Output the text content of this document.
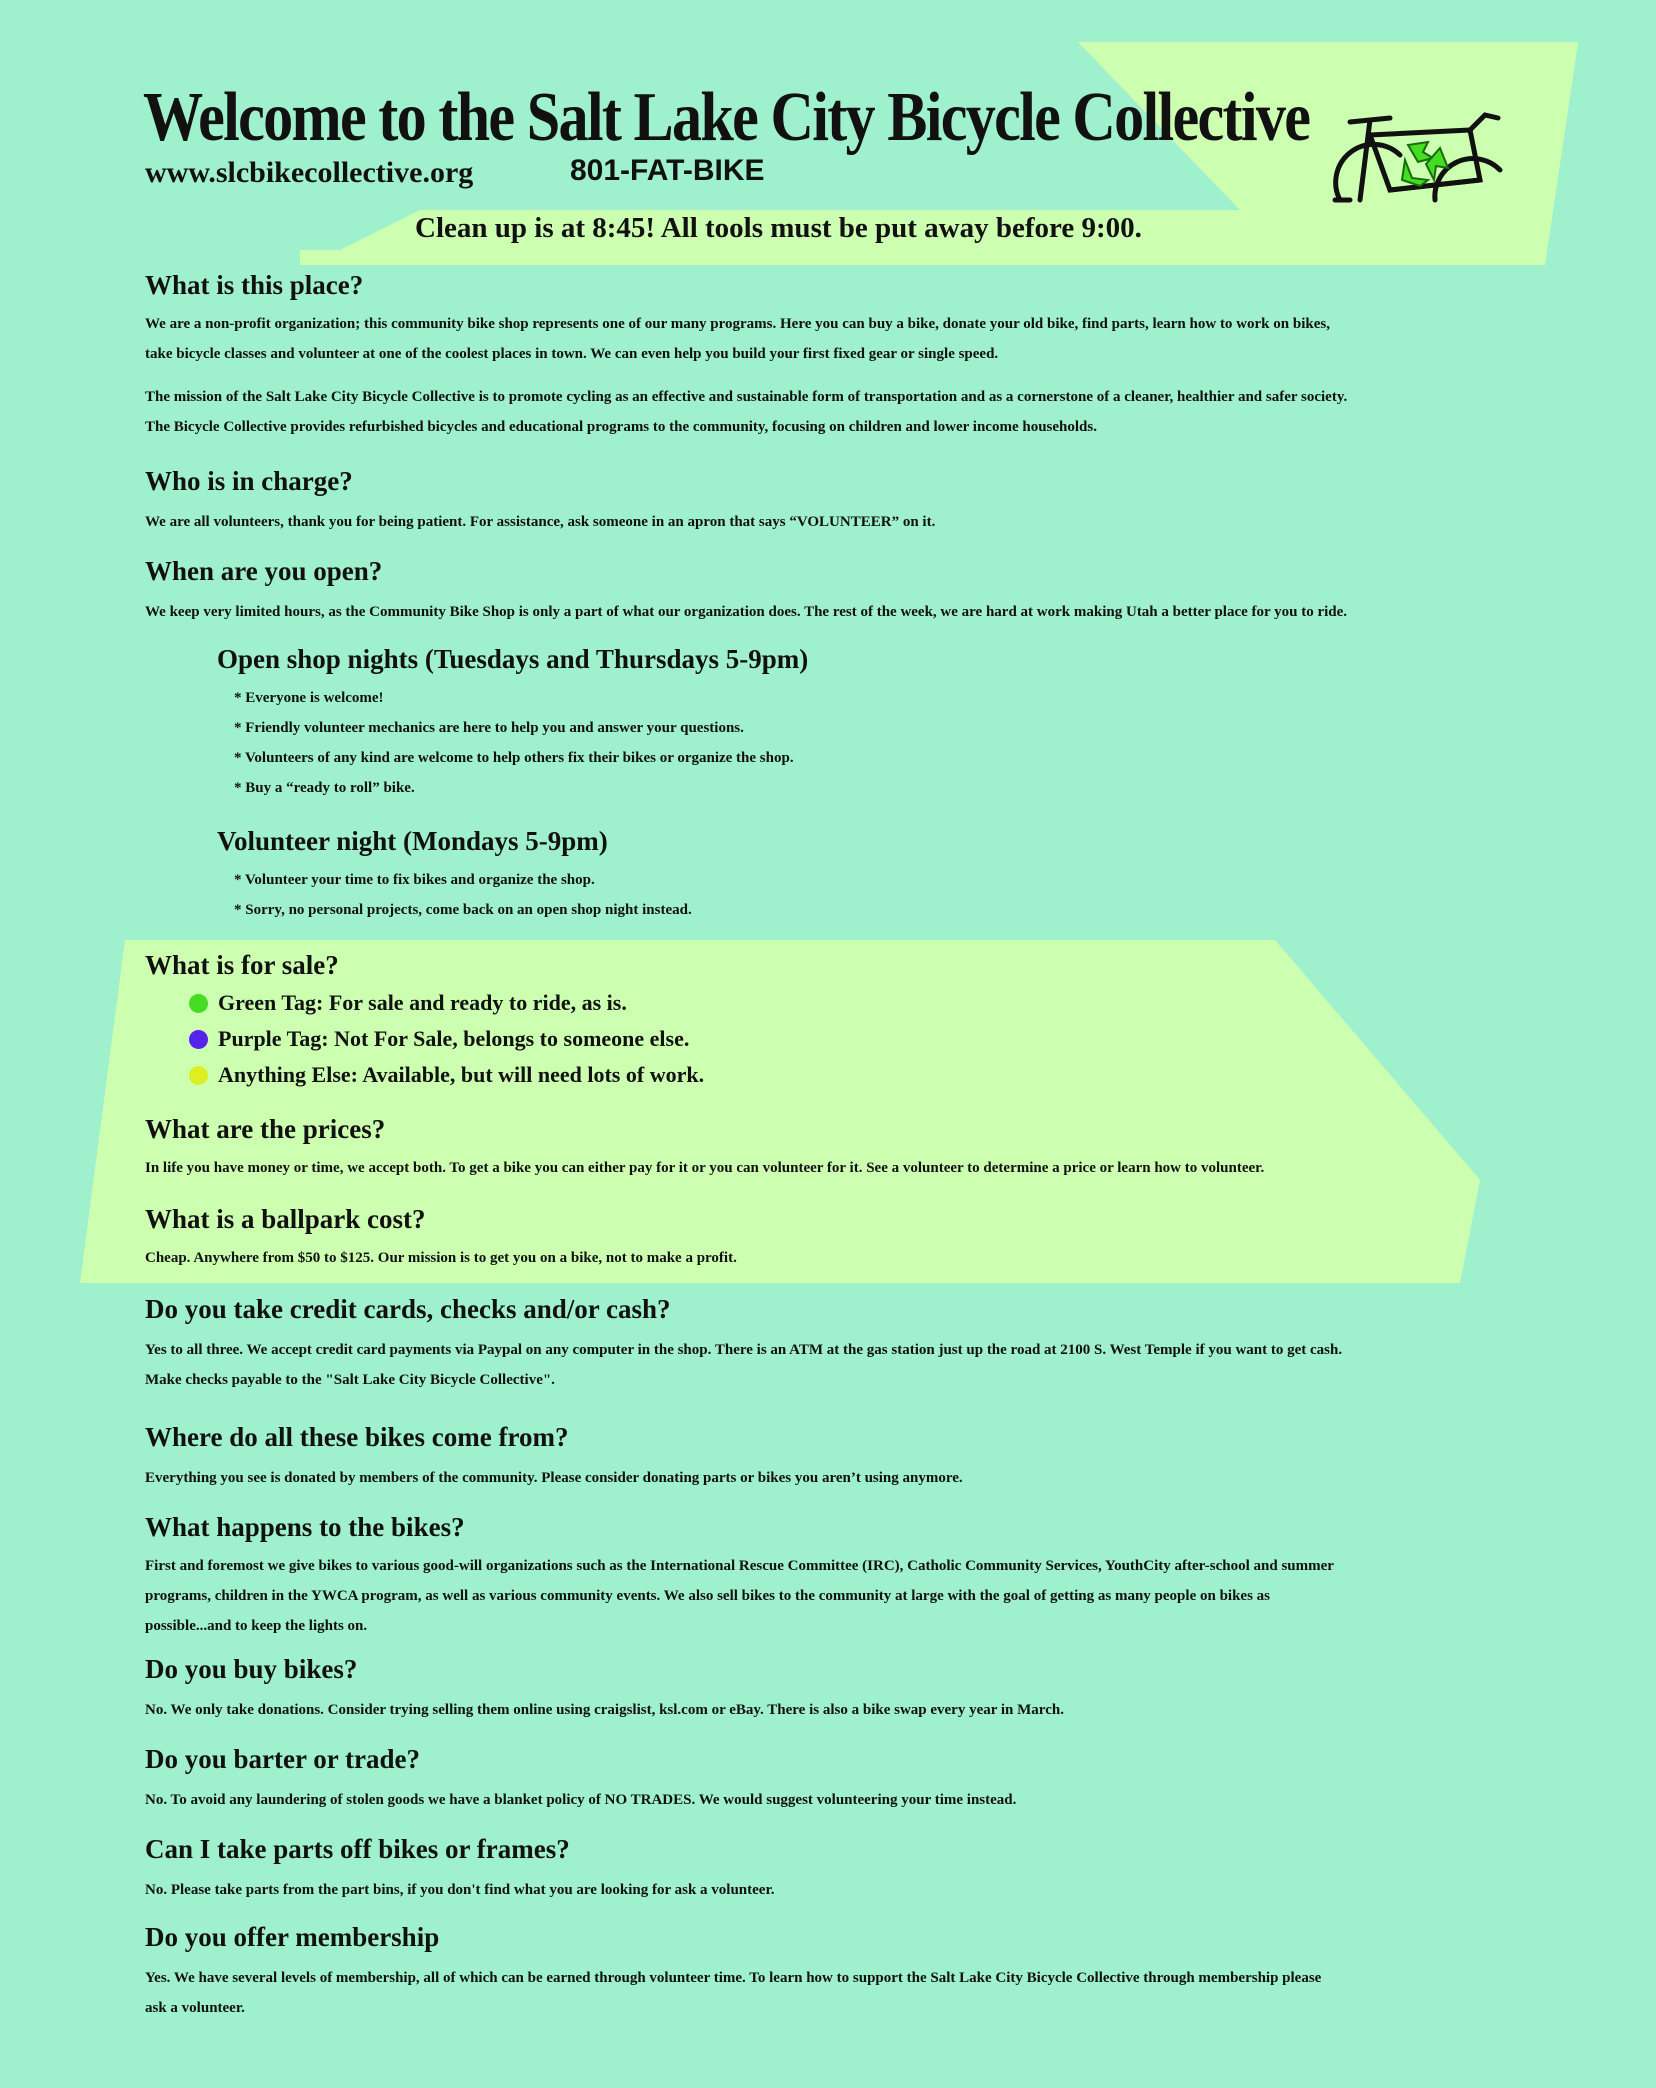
Welcome to the Salt Lake City Bicycle Collective
www.slcbikecollective.org	801-FAT-BIKE
Clean up is at 8:45! All tools must be put away before 9:00.
What is this place?

We are a non-profit organization; this community bike shop represents one of our many programs. Here you can buy a bike, donate your old bike, find parts, learn how to work on bikes,

take bicycle classes and volunteer at one of the coolest places in town. We can even help you build your first fixed gear or single speed.

The mission of the Salt Lake City Bicycle Collective is to promote cycling as an effective and sustainable form of transportation and as a cornerstone of a cleaner, healthier and safer society.

The Bicycle Collective provides refurbished bicycles and educational programs to the community, focusing on children and lower income households.

Who is in charge?

We are all volunteers, thank you for being patient. For assistance, ask someone in an apron that says “VOLUNTEER” on it.

When are you open?

We keep very limited hours, as the Community Bike Shop is only a part of what our organization does. The rest of the week, we are hard at work making Utah a better place for you to ride.

Open shop nights (Tuesdays and Thursdays 5-9pm)
* Everyone is welcome!
* Friendly volunteer mechanics are here to help you and answer your questions.
* Volunteers of any kind are welcome to help others fix their bikes or organize the shop.
* Buy a “ready to roll” bike.
Volunteer night (Mondays 5-9pm)
* Volunteer your time to fix bikes and organize the shop.
* Sorry, no personal projects, come back on an open shop night instead.
What is for sale?
Green Tag: For sale and ready to ride, as is.
Purple Tag: Not For Sale, belongs to someone else.
Anything Else: Available, but will need lots of work.
What are the prices?

In life you have money or time, we accept both. To get a bike you can either pay for it or you can volunteer for it. See a volunteer to determine a price or learn how to volunteer.

What is a ballpark cost?

Cheap. Anywhere from $50 to $125. Our mission is to get you on a bike, not to make a profit.

Do you take credit cards, checks and/or cash?

Yes to all three. We accept credit card payments via Paypal on any computer in the shop. There is an ATM at the gas station just up the road at 2100 S. West Temple if you want to get cash.

Make checks payable to the "Salt Lake City Bicycle Collective".

Where do all these bikes come from?

Everything you see is donated by members of the community. Please consider donating parts or bikes you aren’t using anymore.

What happens to the bikes?

First and foremost we give bikes to various good-will organizations such as the International Rescue Committee (IRC), Catholic Community Services, YouthCity after-school and summer

programs, children in the YWCA program, as well as various community events. We also sell bikes to the community at large with the goal of getting as many people on bikes as

possible...and to keep the lights on.

Do you buy bikes?

No. We only take donations. Consider trying selling them online using craigslist, ksl.com or eBay. There is also a bike swap every year in March.

Do you barter or trade?

No. To avoid any laundering of stolen goods we have a blanket policy of NO TRADES. We would suggest volunteering your time instead.

Can I take parts off bikes or frames?

No. Please take parts from the part bins, if you don't find what you are looking for ask a volunteer.

Do you offer membership

Yes. We have several levels of membership, all of which can be earned through volunteer time. To learn how to support the Salt Lake City Bicycle Collective through membership please

ask a volunteer.
